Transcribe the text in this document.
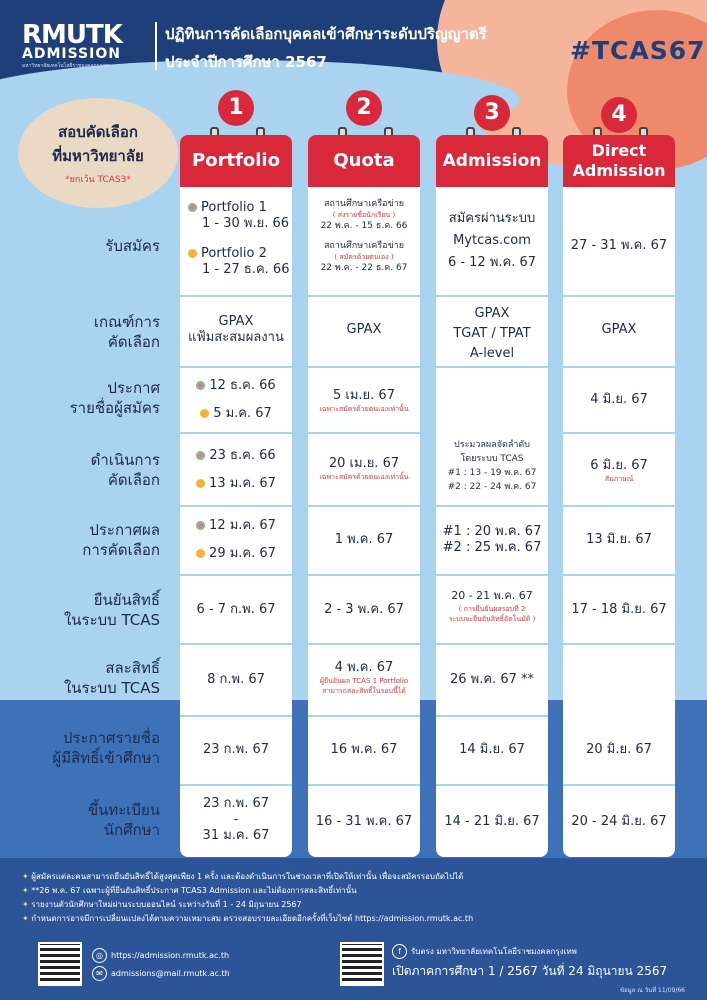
RMUTK
ADMISSION
มหาวิทยาลัยเทคโนโลยีราชมงคลกรุงเทพ
ปฏิทินการคัดเลือกบุคคลเข้าศึกษาระดับปริญญาตรี
ประจำปีการศึกษา 2567	#TCAS67
สอบคัดเลือก
ที่มหาวิทยาลัย
*ยกเว้น TCAS3*
1
Portfolio
2
Quota
3
Admission
4
Direct Admission
รับสมัคร
เกณฑ์การ
คัดเลือก
ประกาศ
รายชื่อผู้สมัคร
ดำเนินการ
คัดเลือก
ประกาศผล
การคัดเลือก
ยืนยันสิทธิ์
ในระบบ TCAS
สละสิทธิ์
ในระบบ TCAS
ประกาศรายชื่อ
ผู้มีสิทธิ์เข้าศึกษา
ขึ้นทะเบียน
นักศึกษา
Portfolio 1
1 - 30 พ.ย. 66
Portfolio 2
1 - 27 ธ.ค. 66
GPAX
แฟ้มสะสมผลงาน
12 ธ.ค. 66
5 ม.ค. 67
23 ธ.ค. 66
13 ม.ค. 67
12 ม.ค. 67
29 ม.ค. 67
6 - 7 ก.พ. 67
8 ก.พ. 67
23 ก.พ. 67
23 ก.พ. 67
-
31 ม.ค. 67
สถานศึกษาเครือข่าย
( ส่งรายชื่อนักเรียน )
22 พ.ค. - 15 ธ.ค. 66
สถานศึกษาเครือข่าย
( สมัครด้วยตนเอง )
22 พ.ค. - 22 ธ.ค. 67
GPAX
5 เม.ย. 67
เฉพาะสมัครด้วยตนเองเท่านั้น
20 เม.ย. 67
เฉพาะสมัครด้วยตนเองเท่านั้น
1 พ.ค. 67
2 - 3 พ.ค. 67
4 พ.ค. 67
ผู้ยืนยันผล TCAS 1 Portfolio
สามารถสละสิทธิ์ในรอบนี้ได้
16 พ.ค. 67
16 - 31 พ.ค. 67
สมัครผ่านระบบ
Mytcas.com
6 - 12 พ.ค. 67
GPAX
TGAT / TPAT
A-level
ประมวลผลจัดลำดับ
โดยระบบ TCAS
#1 : 13 - 19 พ.ค. 67
#2 : 22 - 24 พ.ค. 67
#1 : 20 พ.ค. 67
#2 : 25 พ.ค. 67
20 - 21 พ.ค. 67
( การยืนยันผลรอบที่ 2
ระบบจะยืนยันสิทธิ์อัตโนมัติ )
26 พ.ค. 67 **
14 มิ.ย. 67
14 - 21 มิ.ย. 67
27 - 31 พ.ค. 67
GPAX
4 มิ.ย. 67
6 มิ.ย. 67
สัมภาษณ์
13 มิ.ย. 67
17 - 18 มิ.ย. 67
20 มิ.ย. 67
20 - 24 มิ.ย. 67
✦ ผู้สมัครแต่ละคนสามารถยืนยันสิทธิ์ได้สูงสุดเพียง 1 ครั้ง และต้องดำเนินการในช่วงเวลาที่เปิดให้เท่านั้น เพื่อจะสมัครรอบถัดไปได้
✦ **26 พ.ค. 67 เฉพาะผู้ที่ยืนยันสิทธิ์ประกาศ TCAS3 Admission และไม่ต้องการสละสิทธิ์เท่านั้น
✦ รายงานตัวนักศึกษาใหม่ผ่านระบบออนไลน์ ระหว่างวันที่ 1 - 24 มิถุนายน 2567
✦ กำหนดการอาจมีการเปลี่ยนแปลงได้ตามความเหมาะสม ตรวจสอบรายละเอียดอีกครั้งที่เว็บไซต์ https://admission.rmutk.ac.th
◎ https://admission.rmutk.ac.th
✉ admissions@mail.rmutk.ac.th
f รับตรง มหาวิทยาลัยเทคโนโลยีราชมงคลกรุงเทพ
เปิดภาคการศึกษา 1 / 2567 วันที่ 24 มิถุนายน 2567
ข้อมูล ณ วันที่ 11/09/66
